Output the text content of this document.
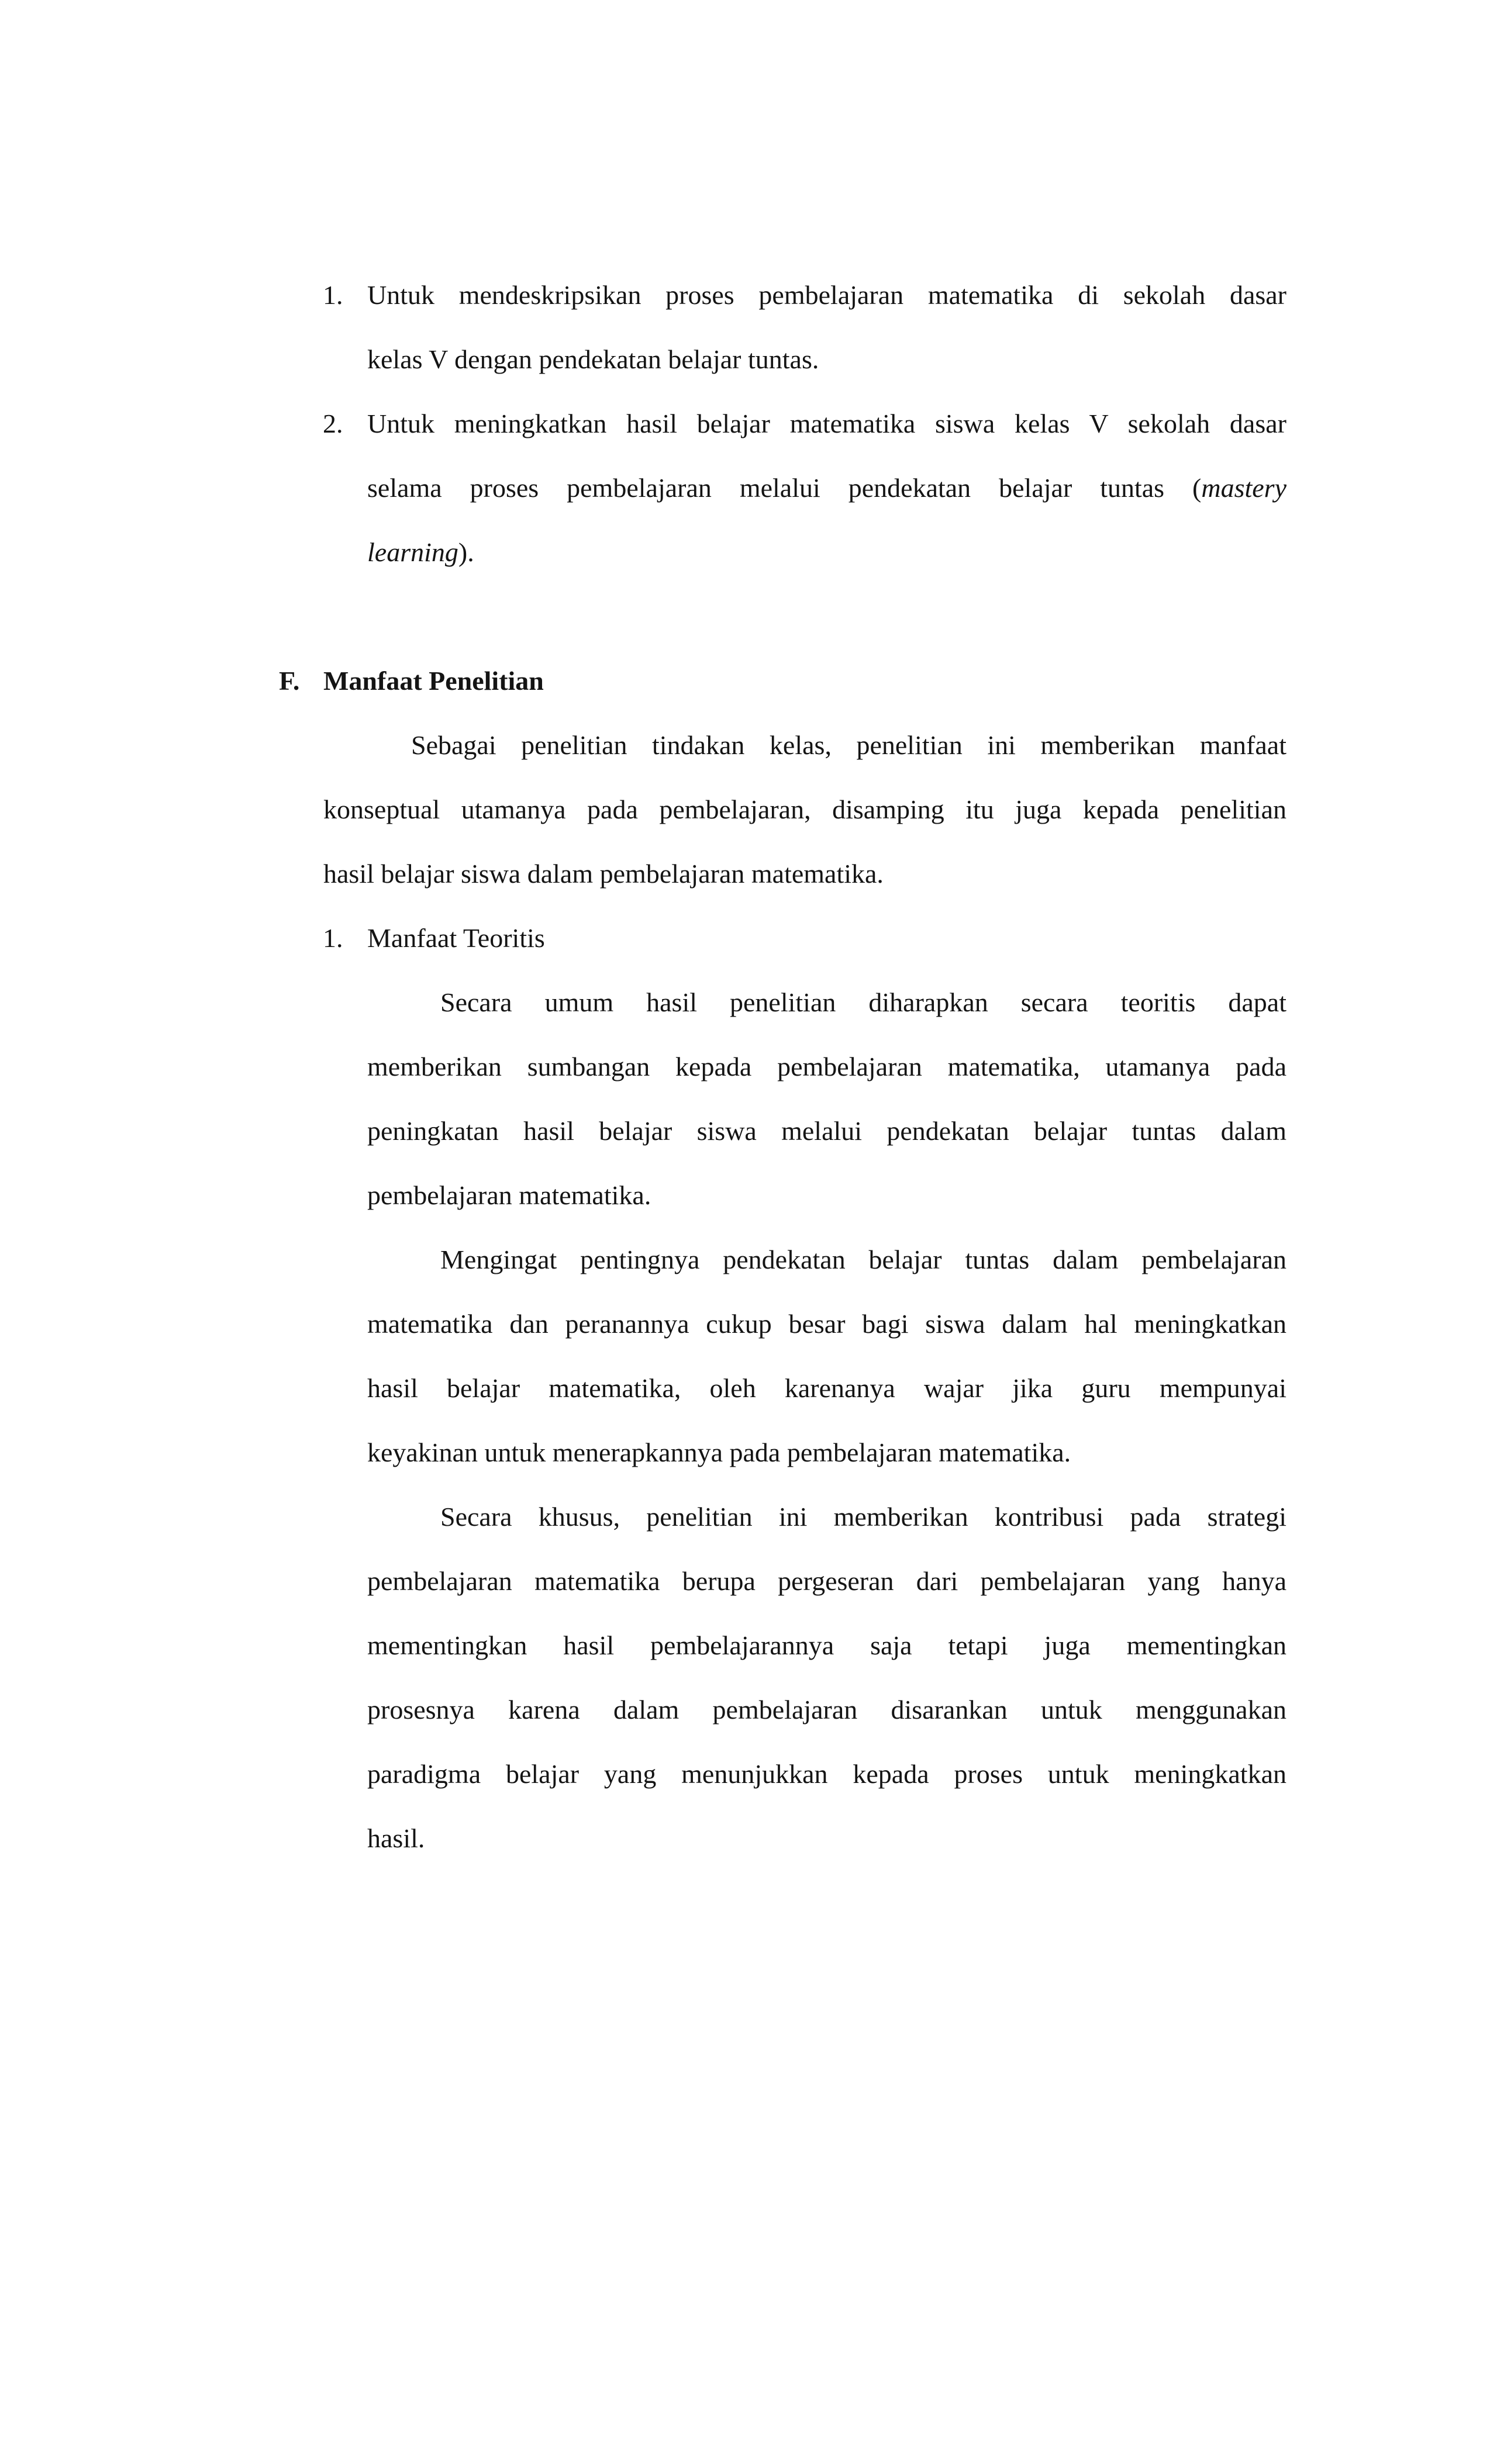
1. Untuk mendeskripsikan proses pembelajaran matematika di sekolah dasar
kelas V dengan pendekatan belajar tuntas.
2. Untuk meningkatkan hasil belajar matematika siswa kelas V sekolah dasar
selama proses pembelajaran melalui pendekatan belajar tuntas (mastery
learning).
F. Manfaat Penelitian
Sebagai penelitian tindakan kelas, penelitian ini memberikan manfaat
konseptual utamanya pada pembelajaran, disamping itu juga kepada penelitian
hasil belajar siswa dalam pembelajaran matematika.
1. Manfaat Teoritis
Secara umum hasil penelitian diharapkan secara teoritis dapat
memberikan sumbangan kepada pembelajaran matematika, utamanya pada
peningkatan hasil belajar siswa melalui pendekatan belajar tuntas dalam
pembelajaran matematika.
Mengingat pentingnya pendekatan belajar tuntas dalam pembelajaran
matematika dan peranannya cukup besar bagi siswa dalam hal meningkatkan
hasil belajar matematika, oleh karenanya wajar jika guru mempunyai
keyakinan untuk menerapkannya pada pembelajaran matematika.
Secara khusus, penelitian ini memberikan kontribusi pada strategi
pembelajaran matematika berupa pergeseran dari pembelajaran yang hanya
mementingkan hasil pembelajarannya saja tetapi juga mementingkan
prosesnya karena dalam pembelajaran disarankan untuk menggunakan
paradigma belajar yang menunjukkan kepada proses untuk meningkatkan
hasil.
